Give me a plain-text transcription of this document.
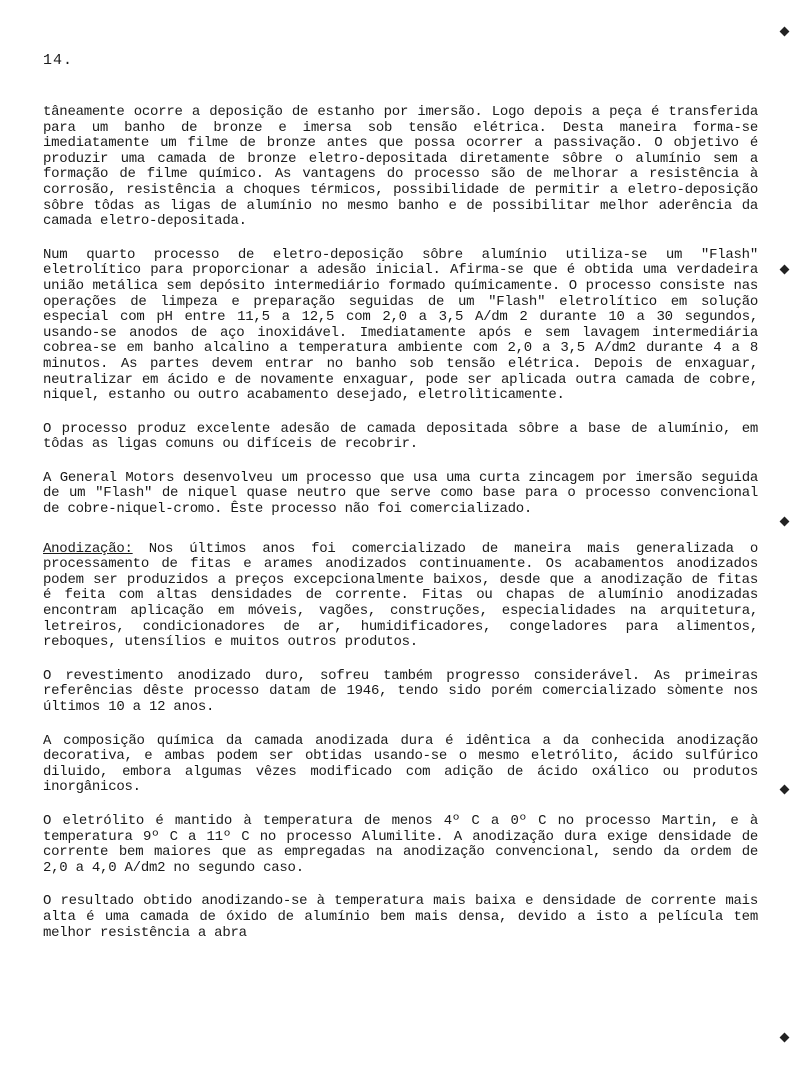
14.

tâneamente ocorre a deposição de estanho por imersão. Logo depois a peça é transferida para um banho de bronze e imersa sob tensão elétrica. Desta maneira forma-se imediatamente um filme de bronze antes que possa ocorrer a passivação. O objetivo é produzir uma camada de bronze eletro-depositada diretamente sôbre o alumínio sem a formação de filme químico. As vantagens do processo são de melhorar a resistência à corrosão, resistência a choques térmicos, possibilidade de permitir a eletro-deposição sôbre tôdas as ligas de alumínio no mesmo banho e de possibilitar melhor aderência da camada eletro-depositada.

Num quarto processo de eletro-deposição sôbre alumínio utiliza-se um "Flash" eletrolítico para proporcionar a adesão inicial. Afirma-se que é obtida uma verdadeira união metálica sem depósito intermediário formado químicamente. O processo consiste nas operações de limpeza e preparação seguidas de um "Flash" eletrolítico em solução especial com pH entre 11,5 a 12,5 com 2,0 a 3,5 A/dm 2 durante 10 a 30 segundos, usando-se anodos de aço inoxidável. Imediatamente após e sem lavagem intermediária cobrea-se em banho alcalino a temperatura ambiente com 2,0 a 3,5 A/dm2 durante 4 a 8 minutos. As partes devem entrar no banho sob tensão elétrica. Depois de enxaguar, neutralizar em ácido e de novamente enxaguar, pode ser aplicada outra camada de cobre, niquel, estanho ou outro acabamento desejado, eletrolìticamente.

O processo produz excelente adesão de camada depositada sôbre a base de alumínio, em tôdas as ligas comuns ou difíceis de recobrir.

A General Motors desenvolveu um processo que usa uma curta zincagem por imersão seguida de um "Flash" de niquel quase neutro que serve como base para o processo convencional de cobre-niquel-cromo. Êste processo não foi comercializado.

Anodização: Nos últimos anos foi comercializado de maneira mais generalizada o processamento de fitas e arames anodizados continuamente. Os acabamentos anodizados podem ser produzidos a preços excepcionalmente baixos, desde que a anodização de fitas é feita com altas densidades de corrente. Fitas ou chapas de alumínio anodizadas encontram aplicação em móveis, vagões, construções, especialidades na arquitetura, letreiros, condicionadores de ar, humidificadores, congeladores para alimentos, reboques, utensílios e muitos outros produtos.

O revestimento anodizado duro, sofreu também progresso considerável. As primeiras referências dêste processo datam de 1946, tendo sido porém comercializado sòmente nos últimos 10 a 12 anos.

A composição química da camada anodizada dura é idêntica a da conhecida anodização decorativa, e ambas podem ser obtidas usando-se o mesmo eletrólito, ácido sulfúrico diluido, embora algumas vêzes modificado com adição de ácido oxálico ou produtos inorgânicos.

O eletrólito é mantido à temperatura de menos 4º C a 0º C no processo Martin, e à temperatura 9º C a 11º C no processo Alumilite. A anodização dura exige densidade de corrente bem maiores que as empregadas na anodização convencional, sendo da ordem de 2,0 a 4,0 A/dm2 no segundo caso.

O resultado obtido anodizando-se à temperatura mais baixa e densidade de corrente mais alta é uma camada de óxido de alumínio bem mais densa, devido a isto a película tem melhor resistência a abra
